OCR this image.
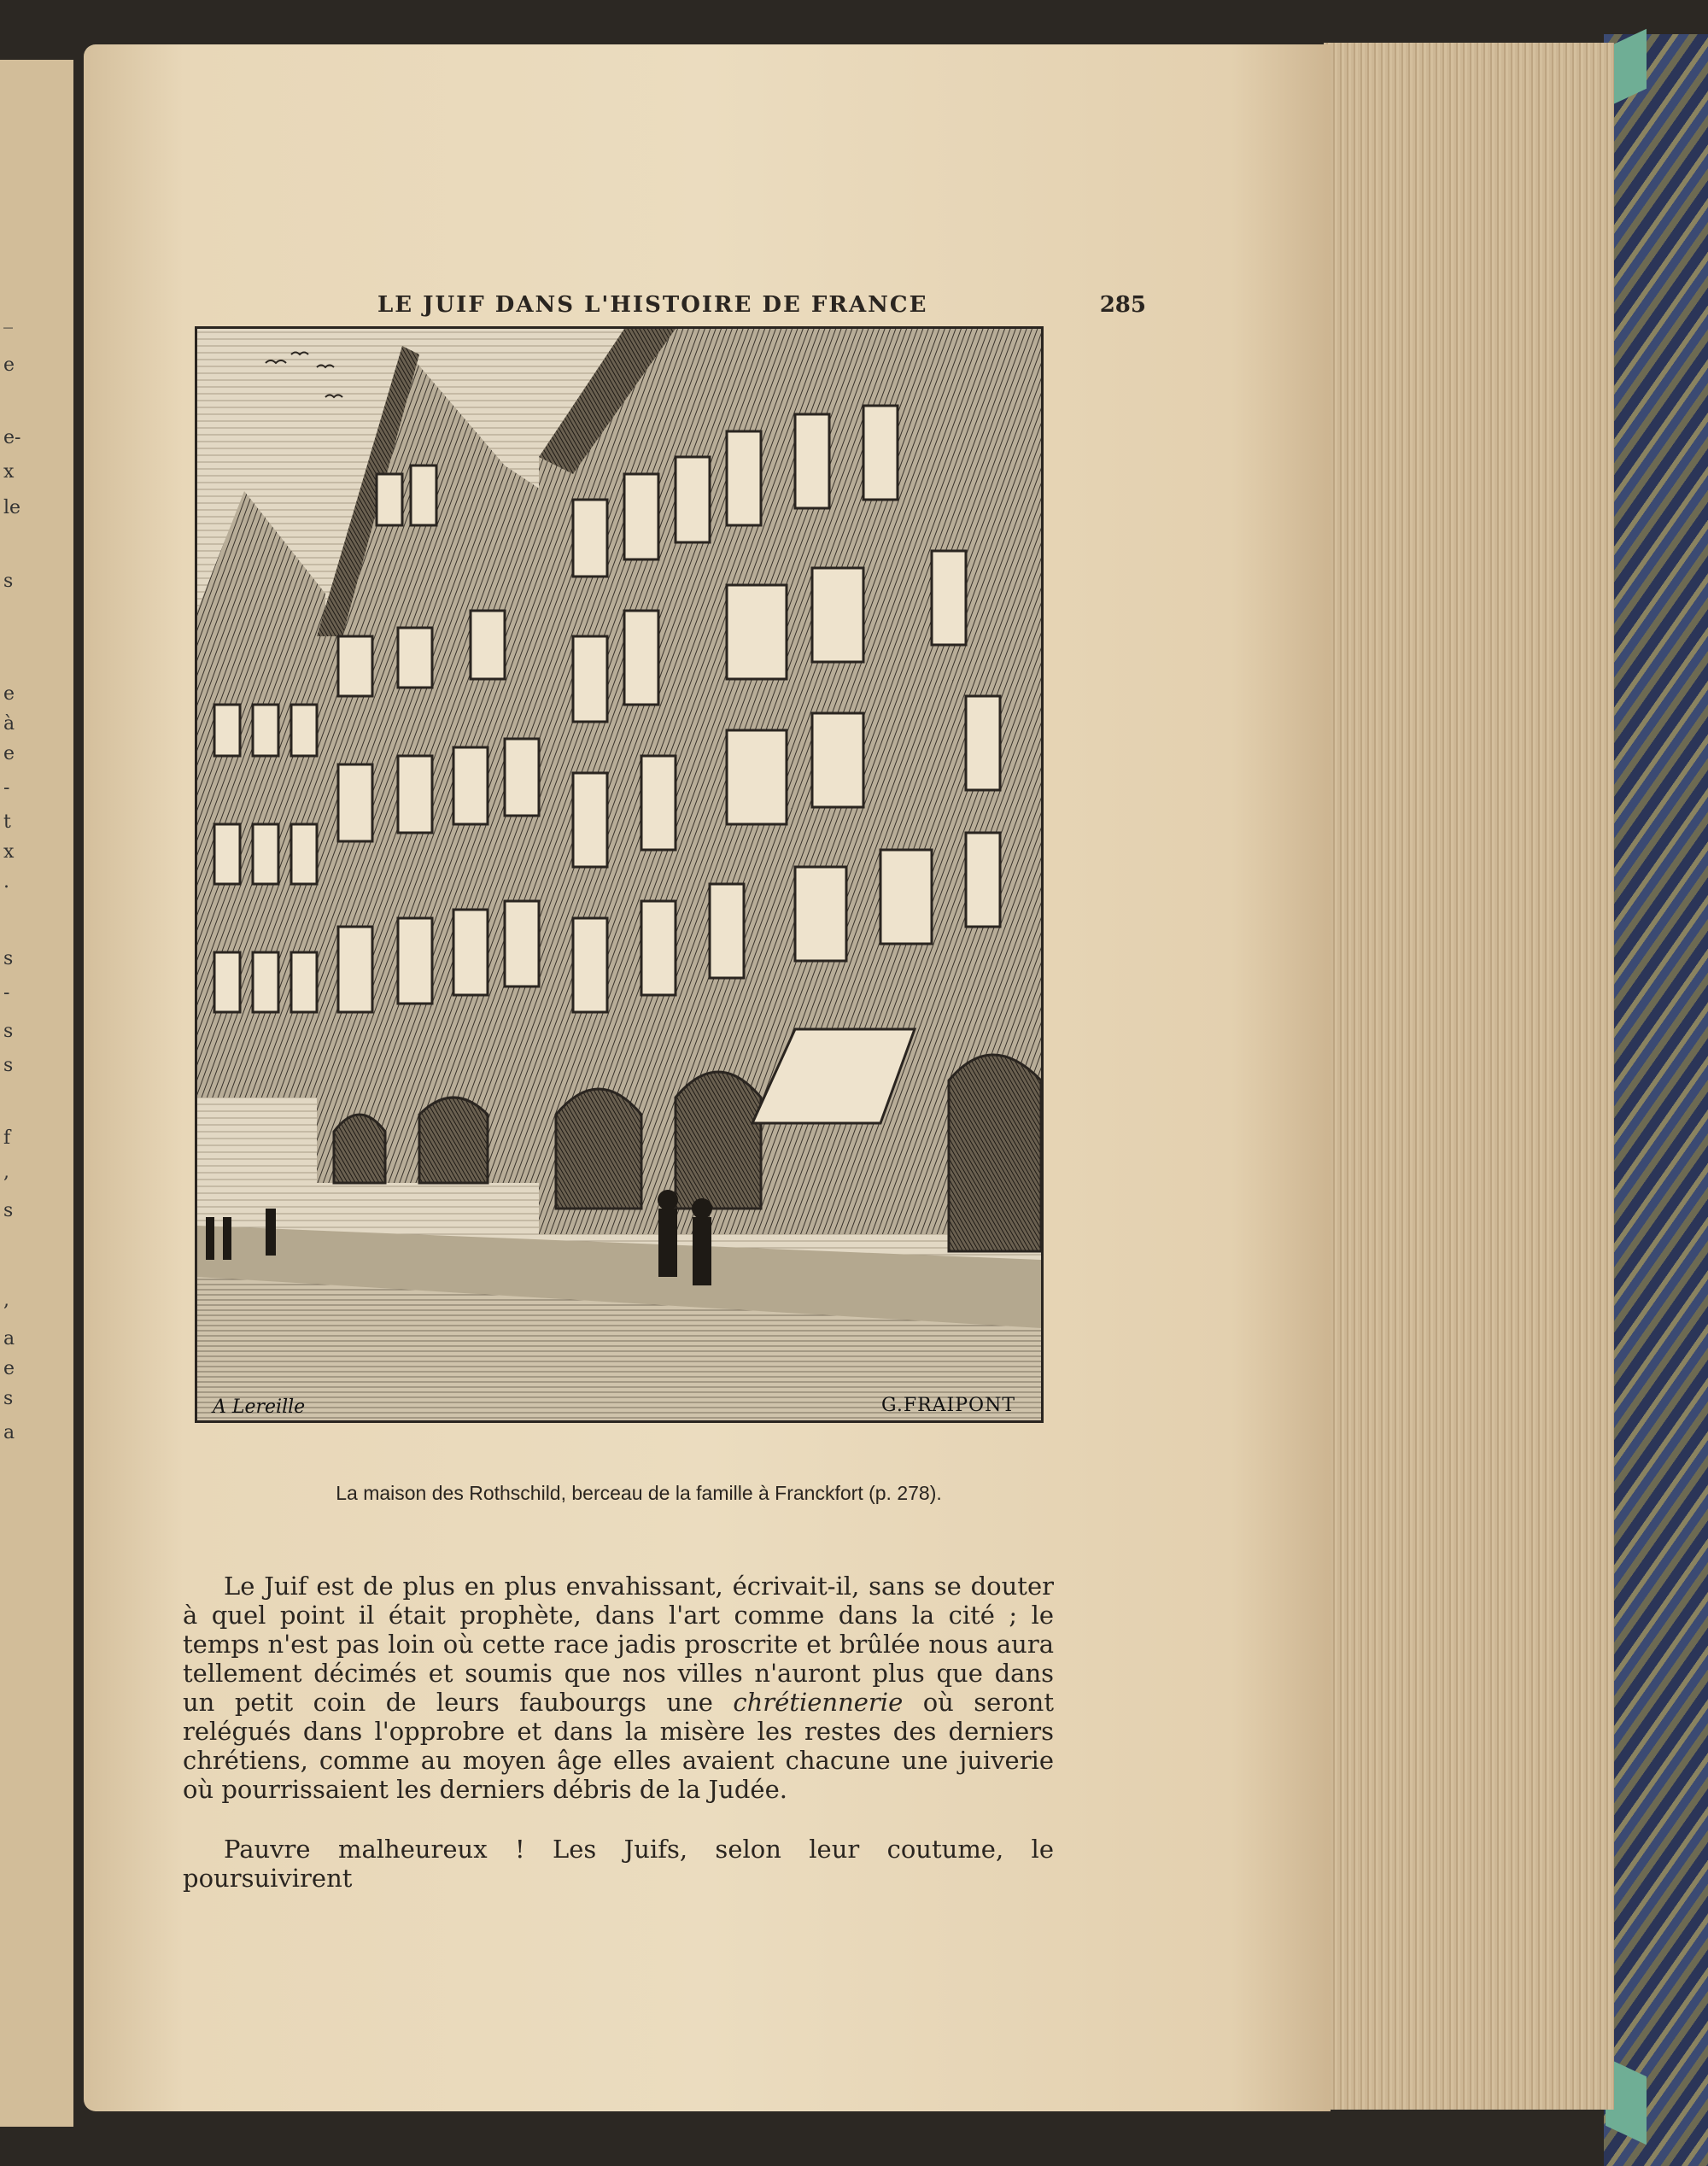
_
e
e-
x
le
s
e
à
e
-
t
x
.
s
-
s
s
f
,
s
,
a
e
s
a
LE JUIF DANS L'HISTOIRE DE FRANCE	285
A Lereille	G.FRAIPONT
La maison des Rothschild, berceau de la famille à Franckfort (p. 278).

Le Juif est de plus en plus envahissant, écrivait-il, sans se douter à quel point il était prophète, dans l'art comme dans la cité ; le temps n'est pas loin où cette race jadis proscrite et brûlée nous aura tellement décimés et soumis que nos villes n'auront plus que dans un petit coin de leurs faubourgs une chrétiennerie où seront relégués dans l'opprobre et dans la misère les restes des derniers chrétiens, comme au moyen âge elles avaient chacune une juiverie où pourrissaient les derniers débris de la Judée.

Pauvre malheureux ! Les Juifs, selon leur coutume, le poursuivirent
